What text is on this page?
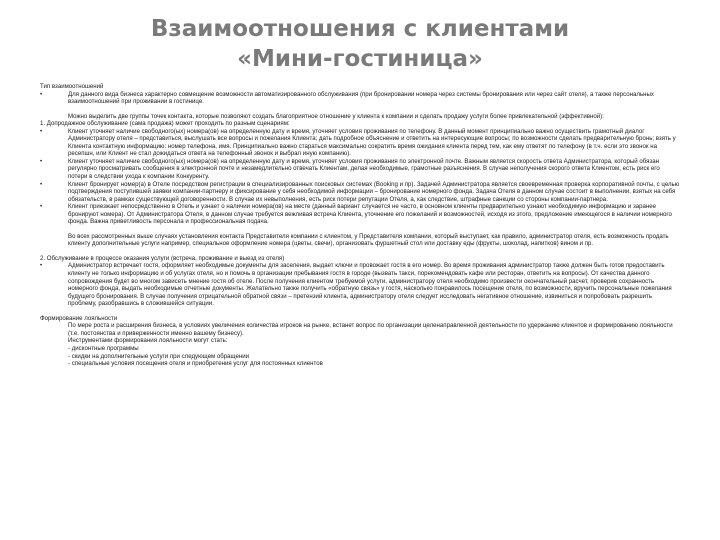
Взаимоотношения с клиентами
«Мини-гостиница»

Тип взаимоотношений

• Для данного вида бизнеса характерно совмещение возможности автоматизированного обслуживания (при бронировании номера через системы бронирования или через сайт отеля), а также персональных взаимоотношений при проживании в гостинице.

Можно выделить две группы точек контакта, которые позволяют создать благоприятное отношение у клиента к компании и сделать продажу услуги более привлекательной (эффективной):

1. Допродажное обслуживание (сама продажа) может проходить по разным сценариям:

• Клиент уточняет наличие свободного(ых) номера(ов) на определенную дату и время, уточняет условия проживания по телефону. В данный момент принципиально важно осуществить грамотный диалог Администратору отеля – представиться, выслушать все вопросы и пожелания Клиента; дать подробное объяснение и ответить на интересующие вопросы; по возможности сделать предварительную бронь; взять у Клиента контактную информацию: номер телефона, имя. Принципиально важно стараться максимально сократить время ожидания клиента перед тем, как ему ответят по телефону (в т.ч. если это звонок на ресепшн, или Клиент не стал дожидаться ответа на телефонный звонок и выбрал иную компанию).

• Клиент уточняет наличие свободного(ых) номера(ов) на определенную дату и время, уточняет условия проживания по электронной почте. Важным является скорость ответа Администратора, который обязан регулярно просматривать сообщения в электронной почте и незамедлительно отвечать Клиентам, делая необходимые, грамотные разъяснения. В случае неполучения скорого ответа Клиентом, есть риск его потери в следствии ухода к компании Конкуренту.

• Клиент бронирует номер(а) в Отеле посредством регистрации в специализированных поисковых системах (Booking и пр). Задачей Администратора является своевременная проверка корпоративной почты, с целью подтверждения поступившей заявки компании-партнеру и фиксирование у себя необходимой информации – бронирование номерного фонда. Задача Отеля в данном случае состоит в выполнении, взятых на себя обязательств, в рамках существующей договоренности. В случае их невыполнения, есть риск потери репутации Отеля, а, как следствие, штрафные санкции со стороны компании-партнера.

• Клиент приезжает непосредственно в Отель и узнает о наличии номера(ов) на месте (данный вариант случается не часто, в основном клиенты предварительно узнают необходимую информацию и заранее бронируют номера). От Администратора Отеля, в данном случае требуется вежливая встреча Клиента, уточнение его пожеланий и возможностей, исходя из этого, предложение имеющегося в наличии номерного фонда. Важна приветливость персонала и профессиональная подача.

Во всех рассмотренных выше случаях установления контакта Представителя компании с клиентом, у Представителя компании, который выступает, как правило, администратор отеля, есть возможность продать клиенту дополнительные услуги например, специальное оформление номера (цветы, свечи), организовать фуршетный стол или доставку еды (фрукты, шоколад, напитков) вином и пр.

2. Обслуживание в процессе оказания услуги (встреча, проживание и выезд из отеля)

• Администратор встречает гостя, оформляет необходимые документы для заселения, выдает ключи и провожает гостя в его номер. Во время проживания администратор также должен быть готов предоставить клиенту не только информацию и об услугах отеля, но и помочь в организации пребывания гостя в городе (вызвать такси, порекомендовать кафе или ресторан, ответить на вопросы). От качества данного сопровождения будет во многом зависеть мнение гостя об отеле. После получения клиентом требуемой услуги, администратору отеля необходимо произвести окончательный расчет, проверив сохранность номерного фонда, выдать необходимые отчетные документы. Желательно также получить «обратную связь» у гостя, насколько понравилось посещение отеля, по возможности, вручить персональные пожелания будущего бронирования. В случае получения отрицательной обратной связи – претензий клиента, администратору отеля следует исследовать негативное отношение, извиниться и попробовать разрешить проблему, разобравшись в сложившейся ситуации.

Формирование лояльности

По мере роста и расширения бизнеса, в условиях увеличения количества игроков на рынке, встанет вопрос по организации целенаправленной деятельности по удержанию клиентов и формированию лояльности (т.е. постоянства и приверженности именно вашему бизнесу).

Инструментами формирования лояльности могут стать:

- дисконтные программы

- скидки на дополнительные услуги при следующем обращении

- специальные условия посещения отеля и приобретения услуг для постоянных клиентов
